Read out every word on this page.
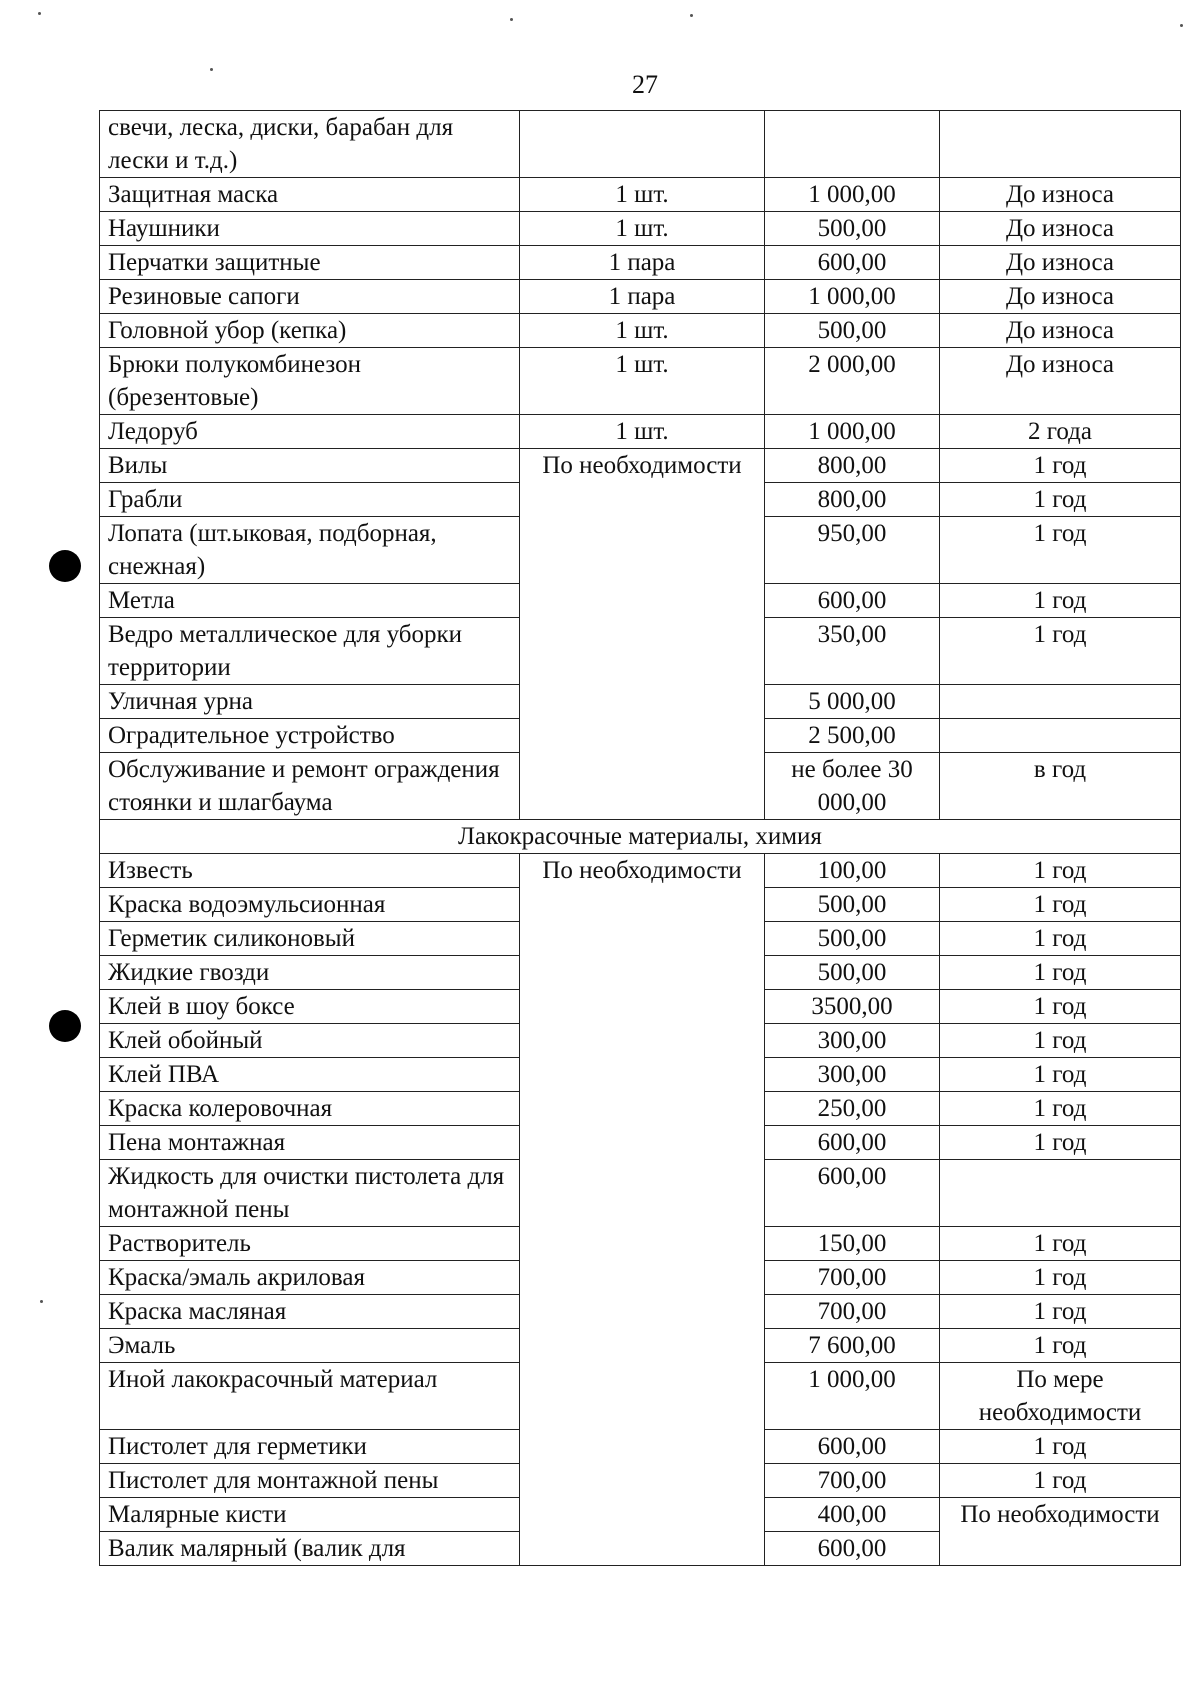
27
свечи, леска, диски, барабан для лески и т.д.)			
Защитная маска	1 шт.	1 000,00	До износа
Наушники	1 шт.	500,00	До износа
Перчатки защитные	1 пара	600,00	До износа
Резиновые сапоги	1 пара	1 000,00	До износа
Головной убор (кепка)	1 шт.	500,00	До износа
Брюки полукомбинезон (брезентовые)	1 шт.	2 000,00	До износа
Ледоруб	1 шт.	1 000,00	2 года
Вилы	По необходимости	800,00	1 год
Грабли		800,00	1 год
Лопата (шт.ыковая, подборная, снежная)		950,00	1 год
Метла		600,00	1 год
Ведро металлическое для уборки территории		350,00	1 год
Уличная урна		5 000,00	
Оградительное устройство		2 500,00	
Обслуживание и ремонт ограждения стоянки и шлагбаума		не более 30 000,00	в год
Лакокрасочные материалы, химия			
Известь	По необходимости	100,00	1 год
Краска водоэмульсионная		500,00	1 год
Герметик силиконовый		500,00	1 год
Жидкие гвозди		500,00	1 год
Клей в шоу боксе		3500,00	1 год
Клей обойный		300,00	1 год
Клей ПВА		300,00	1 год
Краска колеровочная		250,00	1 год
Пена монтажная		600,00	1 год
Жидкость для очистки пистолета для монтажной пены		600,00	
Растворитель		150,00	1 год
Краска/эмаль акриловая		700,00	1 год
Краска масляная		700,00	1 год
Эмаль		7 600,00	1 год
Иной лакокрасочный материал		1 000,00	По мере необходимости
Пистолет для герметики		600,00	1 год
Пистолет для монтажной пены		700,00	1 год
Малярные кисти		400,00	По необходимости
Валик малярный (валик для		600,00	
